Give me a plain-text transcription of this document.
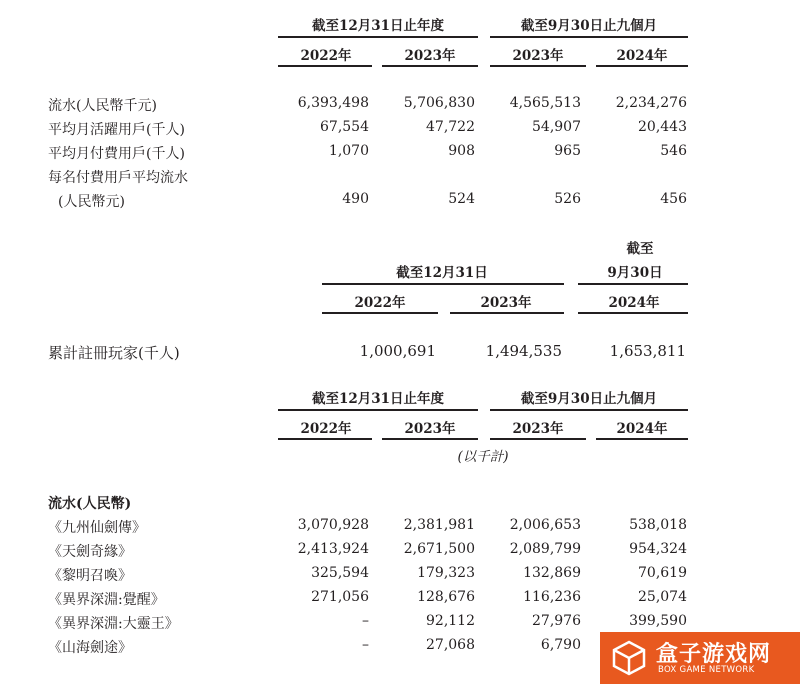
截至12月31日止年度	截至9月30日止九個月
2022年	2023年	2023年	2024年
流水(人民幣千元)	6,393,498	5,706,830	4,565,513	2,234,276
平均月活躍用戶(千人)	67,554	47,722	54,907	20,443
平均月付費用戶(千人)	1,070	908	965	546
每名付費用戶平均流水
(人民幣元)	490	524	526	456
截至
截至12月31日	9月30日
2022年	2023年	2024年
累計註冊玩家(千人)	1,000,691	1,494,535	1,653,811
截至12月31日止年度	截至9月30日止九個月
2022年	2023年	2023年	2024年
(以千計)
流水(人民幣)
《九州仙劍傳》	3,070,928	2,381,981	2,006,653	538,018
《天劍奇緣》	2,413,924	2,671,500	2,089,799	954,324
《黎明召喚》	325,594	179,323	132,869	70,619
《異界深淵:覺醒》	271,056	128,676	116,236	25,074
《異界深淵:大靈王》	–	92,112	27,976	399,590
《山海劍途》	–	27,068	6,790	盒子游戏网
BOX GAME NETWORK
